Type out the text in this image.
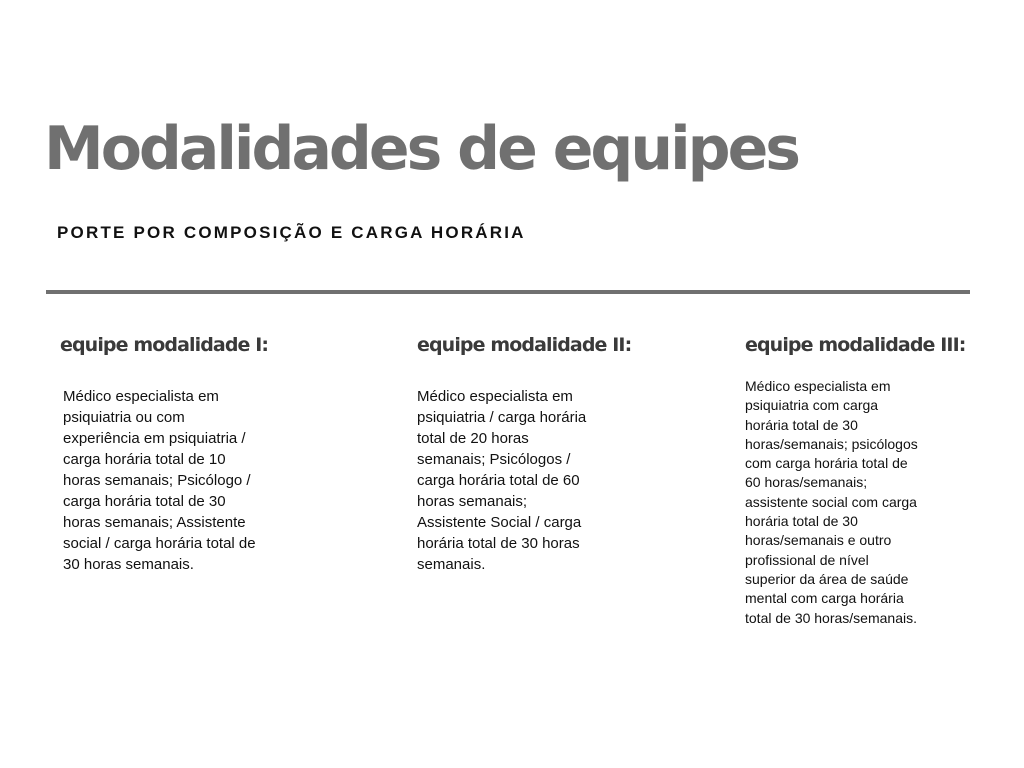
Modalidades de equipes
PORTE POR COMPOSIÇÃO E CARGA HORÁRIA
equipe modalidade I:

Médico especialista em psiquiatria ou com experiência em psiquiatria / carga horária total de 10 horas semanais; Psicólogo / carga horária total de 30 horas semanais; Assistente social / carga horária total de 30 horas semanais.

equipe modalidade II:

Médico especialista em psiquiatria / carga horária total de 20 horas semanais; Psicólogos / carga horária total de 60 horas semanais; Assistente Social / carga horária total de 30 horas semanais.

equipe modalidade III:

Médico especialista em psiquiatria com carga horária total de 30 horas/semanais; psicólogos com carga horária total de 60 horas/semanais; assistente social com carga horária total de 30 horas/semanais e outro profissional de nível superior da área de saúde mental com carga horária total de 30 horas/semanais.
